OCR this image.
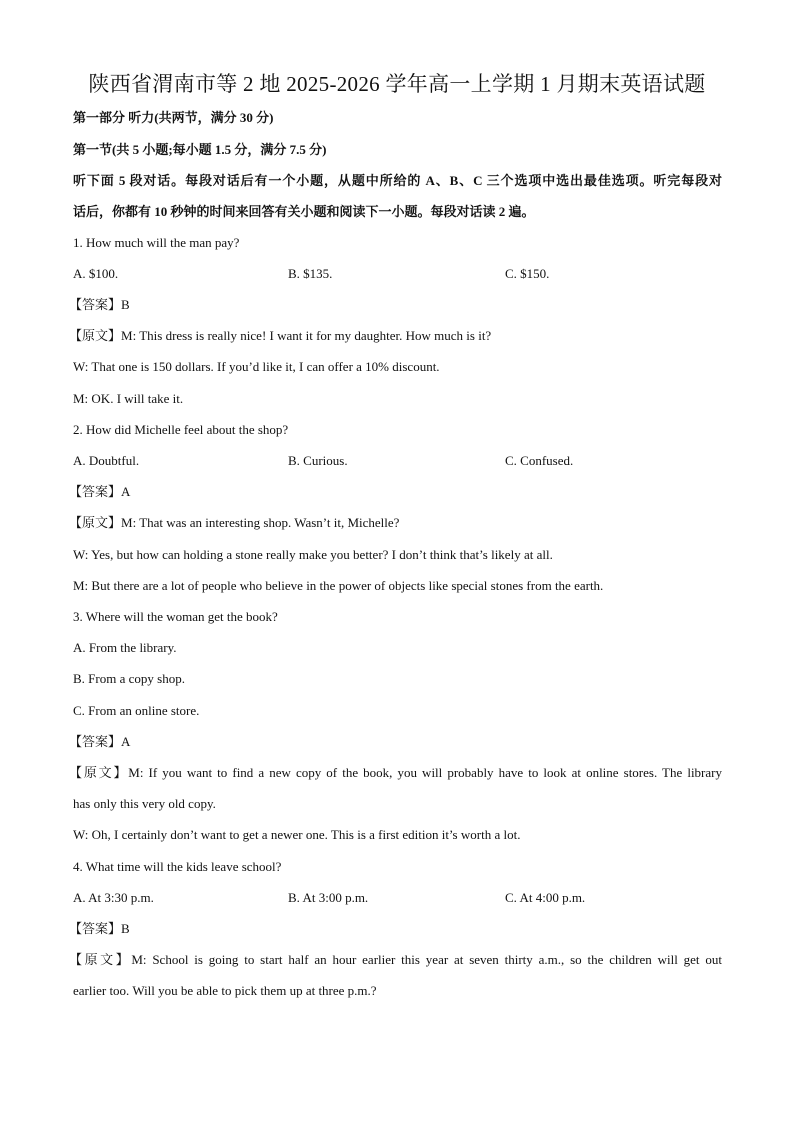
陕西省渭南市等 2 地 2025-2026 学年高一上学期 1 月期末英语试题
第一部分 听力(共两节，满分 30 分)
第一节(共 5 小题;每小题 1.5 分，满分 7.5 分)
听下面 5 段对话。每段对话后有一个小题，从题中所给的 A、B、C 三个选项中选出最佳选项。听完每段对
话后，你都有 10 秒钟的时间来回答有关小题和阅读下一小题。每段对话读 2 遍。
1. How much will the man pay?
A. $100.	B. $135.	C. $150.
【答案】B
【原文】M: This dress is really nice! I want it for my daughter. How much is it?
W: That one is 150 dollars. If you’d like it, I can offer a 10% discount.
M: OK. I will take it.
2. How did Michelle feel about the shop?
A. Doubtful.	B. Curious.	C. Confused.
【答案】A
【原文】M: That was an interesting shop. Wasn’t it, Michelle?
W: Yes, but how can holding a stone really make you better? I don’t think that’s likely at all.
M: But there are a lot of people who believe in the power of objects like special stones from the earth.
3. Where will the woman get the book?
A. From the library.
B. From a copy shop.
C. From an online store.
【答案】A
【原文】M: If you want to find a new copy of the book, you will probably have to look at online stores. The library
has only this very old copy.
W: Oh, I certainly don’t want to get a newer one. This is a first edition it’s worth a lot.
4. What time will the kids leave school?
A. At 3:30 p.m.	B. At 3:00 p.m.	C. At 4:00 p.m.
【答案】B
【原文】M: School is going to start half an hour earlier this year at seven thirty a.m., so the children will get out
earlier too. Will you be able to pick them up at three p.m.?
